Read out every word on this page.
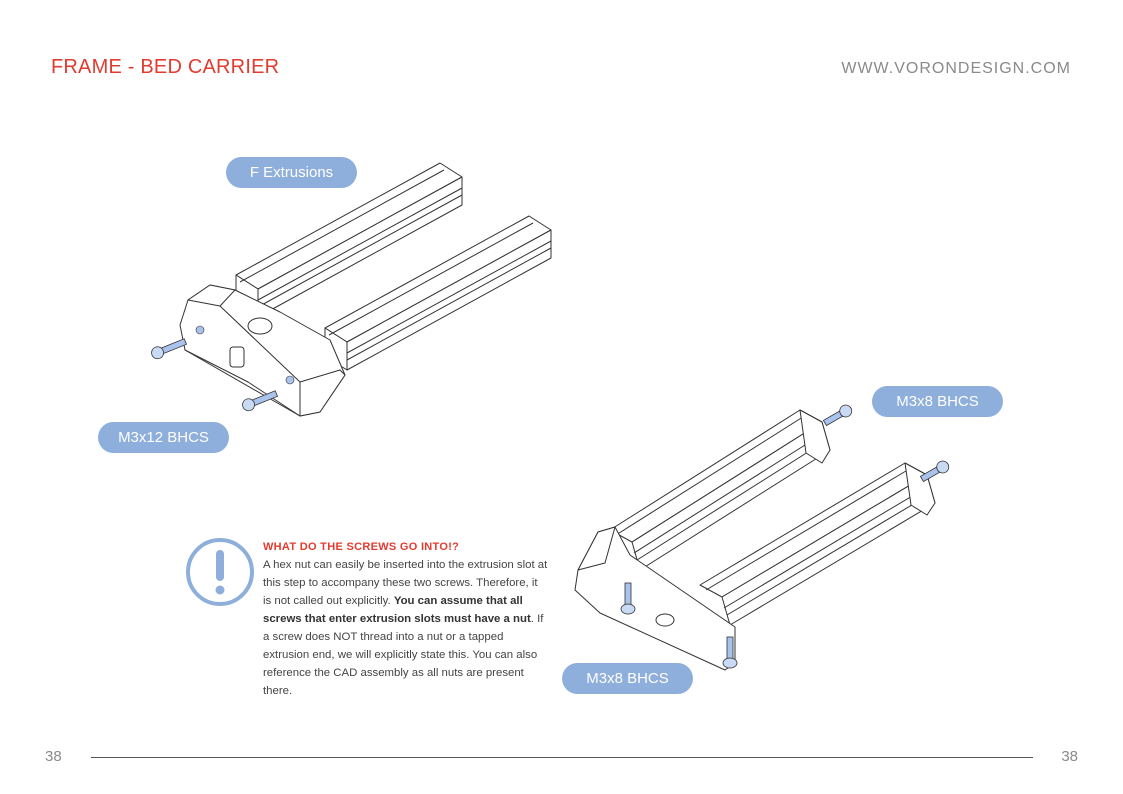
FRAME - BED CARRIER	WWW.VORONDESIGN.COM
F Extrusions
M3x12 BHCS
M3x8 BHCS
M3x8 BHCS
WHAT DO THE SCREWS GO INTO!?
A hex nut can easily be inserted into the extrusion slot at this step to accompany these two screws. Therefore, it is not called out explicitly. You can assume that all screws that enter extrusion slots must have a nut. If a screw does NOT thread into a nut or a tapped extrusion end, we will explicitly state this. You can also reference the CAD assembly as all nuts are present there.
38	38
